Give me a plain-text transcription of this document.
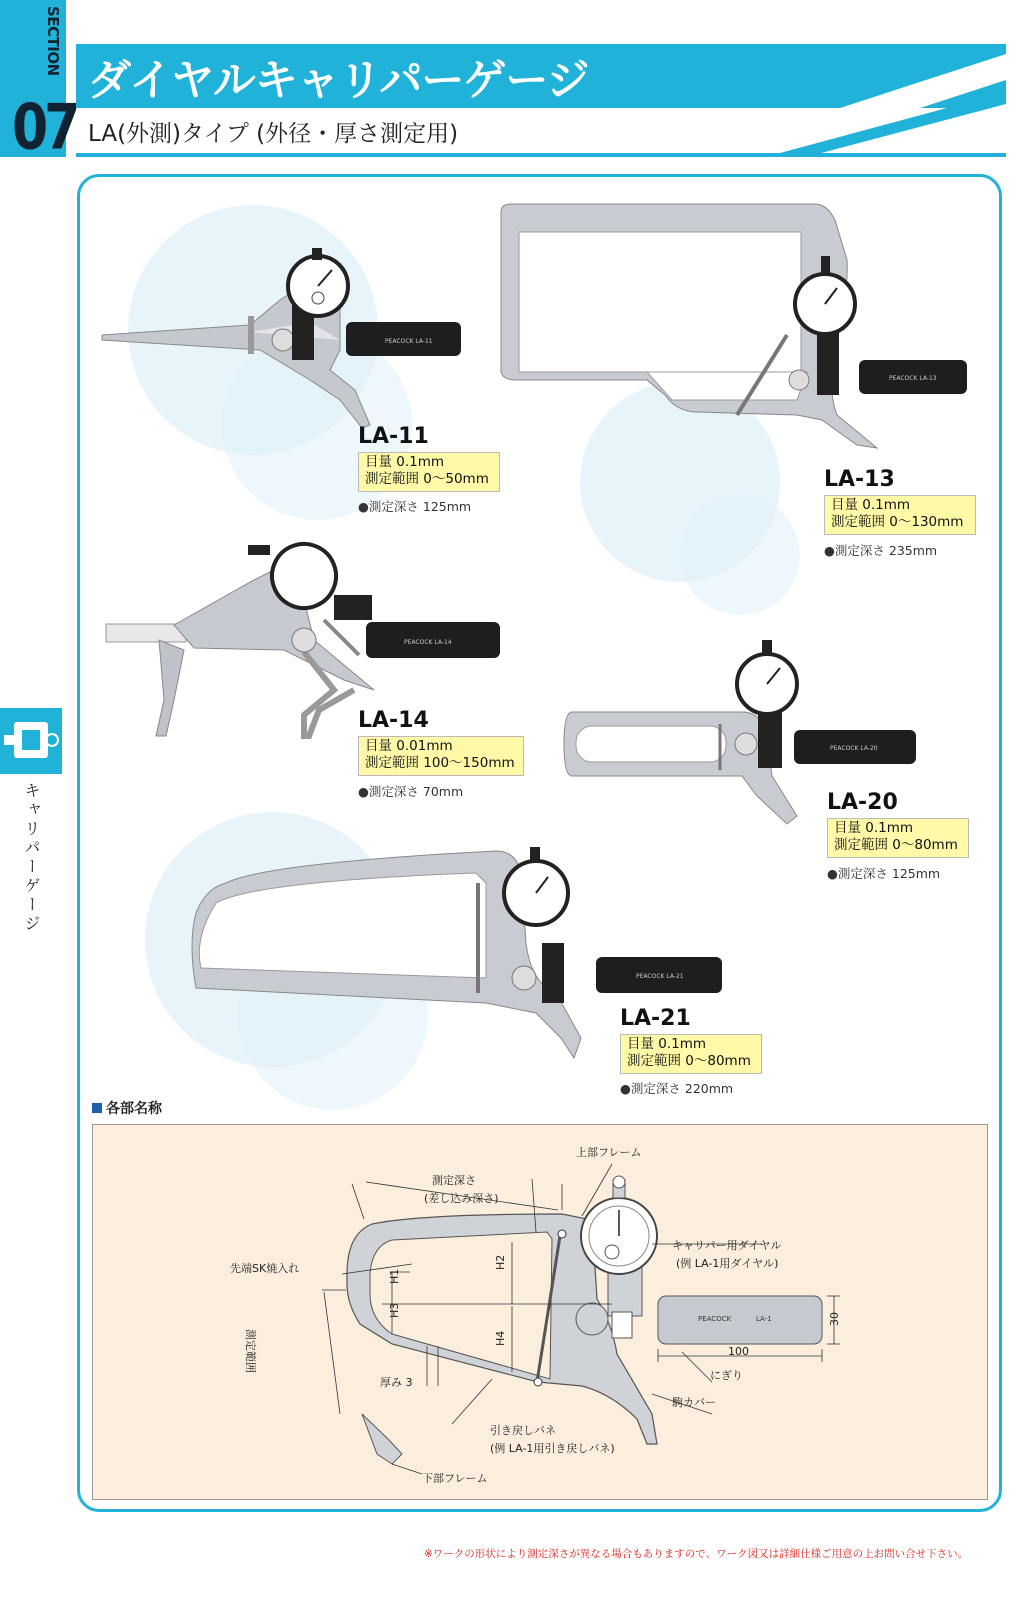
SECTION
07
ダイヤルキャリパーゲージ
LA(外測)タイプ (外径・厚さ測定用)
キャリパーゲージ
PEACOCK LA-11
LA-11
目量 0.1mm
測定範囲 0〜50mm
●測定深さ 125mm
PEACOCK LA-13
LA-13
目量 0.1mm
測定範囲 0〜130mm
●測定深さ 235mm
PEACOCK LA-14
LA-14
目量 0.01mm
測定範囲 100〜150mm
●測定深さ 70mm
PEACOCK LA-20
LA-20
目量 0.1mm
測定範囲 0〜80mm
●測定深さ 125mm
PEACOCK LA-21
LA-21
目量 0.1mm
測定範囲 0〜80mm
●測定深さ 220mm
各部名称
PEACOCK	LA-1
上部フレーム
測定深さ
(差し込み深さ)
先端SK焼入れ
キャリパー用ダイヤル
(例 LA-1用ダイヤル)
測定範囲
厚み 3
にぎり
駒カバー
引き戻しバネ
(例 LA-1用引き戻しバネ)
下部フレーム
H1
H2
H3
H4
100
30
※ワークの形状により測定深さが異なる場合もありますので、ワーク図又は詳細仕様ご用意の上お問い合せ下さい。
